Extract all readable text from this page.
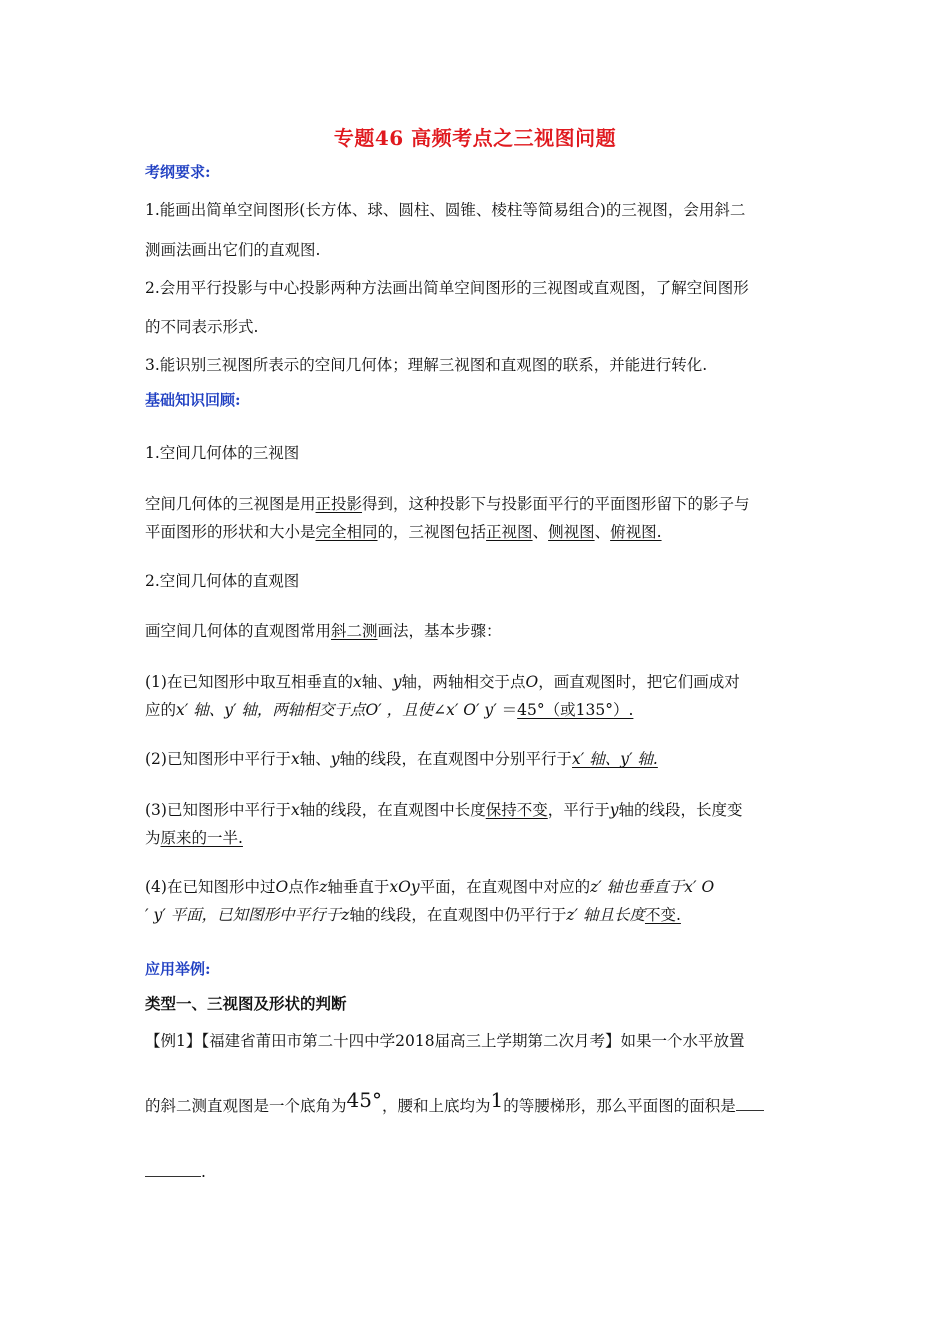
专题46 高频考点之三视图问题
考纲要求:
1.能画出简单空间图形(长方体、球、圆柱、圆锥、棱柱等简易组合)的三视图，会用斜二
测画法画出它们的直观图.
2.会用平行投影与中心投影两种方法画出简单空间图形的三视图或直观图，了解空间图形
的不同表示形式.
3.能识别三视图所表示的空间几何体；理解三视图和直观图的联系，并能进行转化.
基础知识回顾:
1.空间几何体的三视图
空间几何体的三视图是用正投影得到，这种投影下与投影面平行的平面图形留下的影子与
平面图形的形状和大小是完全相同的，三视图包括正视图、侧视图、俯视图.
2.空间几何体的直观图
画空间几何体的直观图常用斜二测画法，基本步骤：
(1)在已知图形中取互相垂直的x轴、y轴，两轴相交于点O，画直观图时，把它们画成对
应的x′ 轴、y′ 轴，两轴相交于点O′ ，且使∠x′ O′ y′ ＝45°（或135°）.
(2)已知图形中平行于x轴、y轴的线段，在直观图中分别平行于x′ 轴、y′ 轴.
(3)已知图形中平行于x轴的线段，在直观图中长度保持不变，平行于y轴的线段，长度变
为原来的一半.
(4)在已知图形中过O点作z轴垂直于xOy平面，在直观图中对应的z′ 轴也垂直于x′ O
′ y′ 平面，已知图形中平行于z轴的线段，在直观图中仍平行于z′ 轴且长度不变.
应用举例:
类型一、三视图及形状的判断
【例1】【福建省莆田市第二十四中学2018届高三上学期第二次月考】如果一个水平放置
的斜二测直观图是一个底角为45°，腰和上底均为1的等腰梯形，那么平面图的面积是
.
